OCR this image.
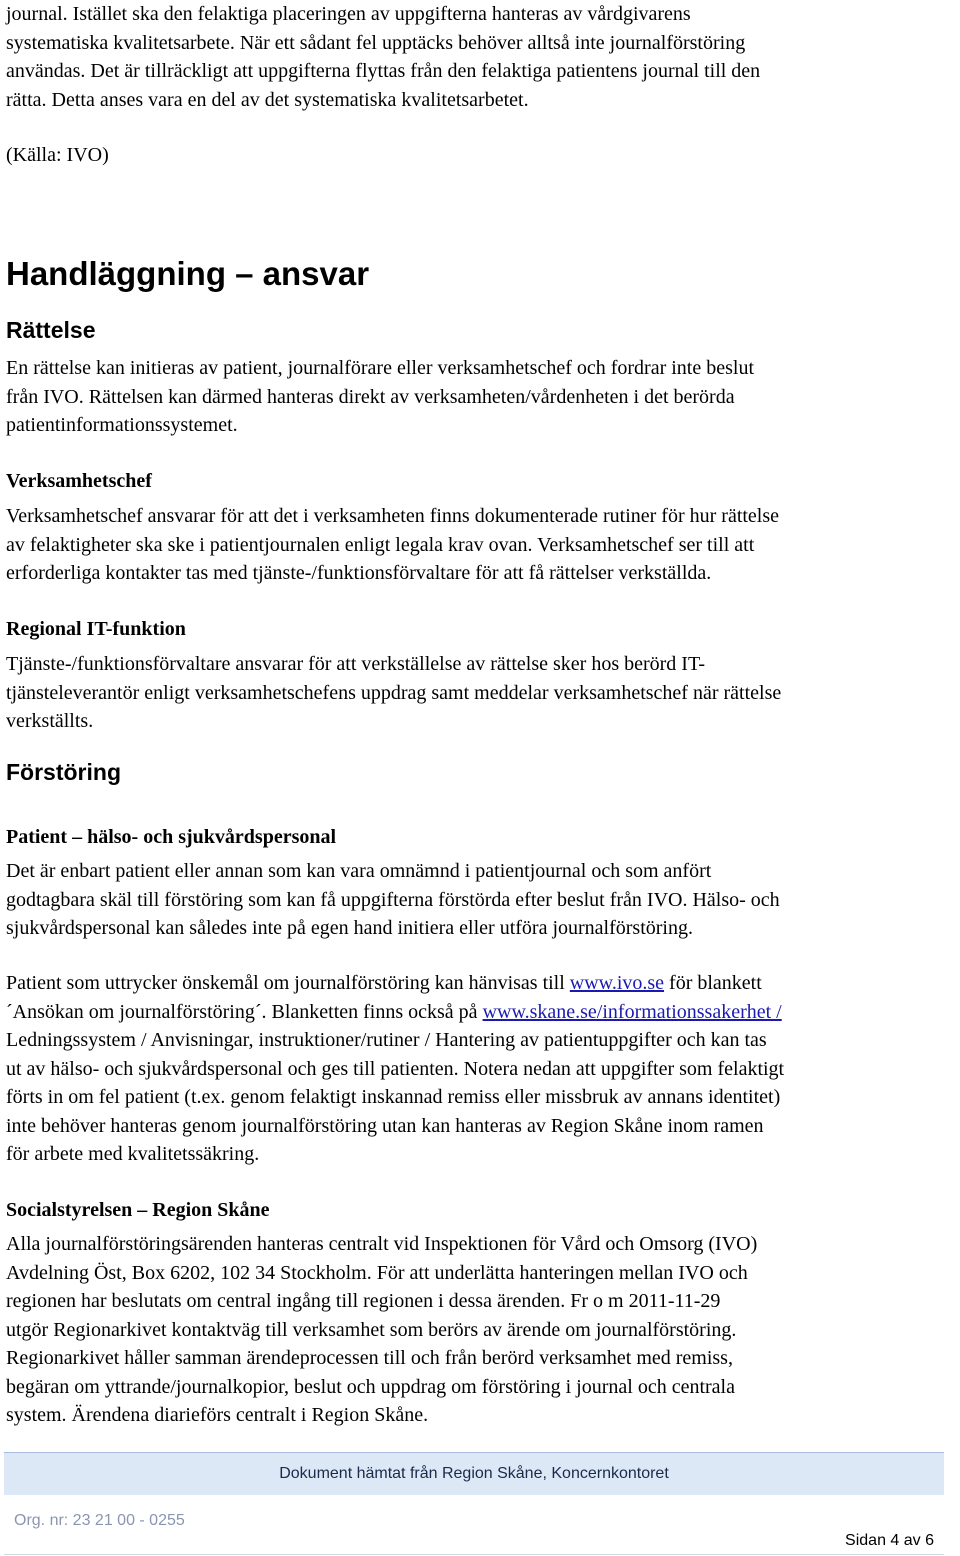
journal. Istället ska den felaktiga placeringen av uppgifterna hanteras av vårdgivarens

systematiska kvalitetsarbete. När ett sådant fel upptäcks behöver alltså inte journalförstöring

användas. Det är tillräckligt att uppgifterna flyttas från den felaktiga patientens journal till den

rätta. Detta anses vara en del av det systematiska kvalitetsarbetet.

(Källa: IVO)

Handläggning – ansvar
Rättelse

En rättelse kan initieras av patient, journalförare eller verksamhetschef och fordrar inte beslut

från IVO. Rättelsen kan därmed hanteras direkt av verksamheten/vårdenheten i det berörda

patientinformationssystemet.

Verksamhetschef

Verksamhetschef ansvarar för att det i verksamheten finns dokumenterade rutiner för hur rättelse

av felaktigheter ska ske i patientjournalen enligt legala krav ovan. Verksamhetschef ser till att

erforderliga kontakter tas med tjänste-/funktionsförvaltare för att få rättelser verkställda.

Regional IT-funktion

Tjänste-/funktionsförvaltare ansvarar för att verkställelse av rättelse sker hos berörd IT-

tjänsteleverantör enligt verksamhetschefens uppdrag samt meddelar verksamhetschef när rättelse

verkställts.

Förstöring
Patient – hälso- och sjukvårdspersonal

Det är enbart patient eller annan som kan vara omnämnd i patientjournal och som anfört

godtagbara skäl till förstöring som kan få uppgifterna förstörda efter beslut från IVO. Hälso- och

sjukvårdspersonal kan således inte på egen hand initiera eller utföra journalförstöring.

Patient som uttrycker önskemål om journalförstöring kan hänvisas till www.ivo.se för blankett

´Ansökan om journalförstöring´. Blanketten finns också på www.skane.se/informationssakerhet /

Ledningssystem / Anvisningar, instruktioner/rutiner / Hantering av patientuppgifter och kan tas

ut av hälso- och sjukvårdspersonal och ges till patienten. Notera nedan att uppgifter som felaktigt

förts in om fel patient (t.ex. genom felaktigt inskannad remiss eller missbruk av annans identitet)

inte behöver hanteras genom journalförstöring utan kan hanteras av Region Skåne inom ramen

för arbete med kvalitetssäkring.

Socialstyrelsen – Region Skåne

Alla journalförstöringsärenden hanteras centralt vid Inspektionen för Vård och Omsorg (IVO)

Avdelning Öst, Box 6202, 102 34 Stockholm. För att underlätta hanteringen mellan IVO och

regionen har beslutats om central ingång till regionen i dessa ärenden. Fr o m 2011-11-29

utgör Regionarkivet kontaktväg till verksamhet som berörs av ärende om journalförstöring.

Regionarkivet håller samman ärendeprocessen till och från berörd verksamhet med remiss,

begäran om yttrande/journalkopior, beslut och uppdrag om förstöring i journal och centrala

system. Ärendena diarieförs centralt i Region Skåne.

Dokument hämtat från Region Skåne, Koncernkontoret
Org. nr: 23 21 00 - 0255
Sidan 4 av 6
